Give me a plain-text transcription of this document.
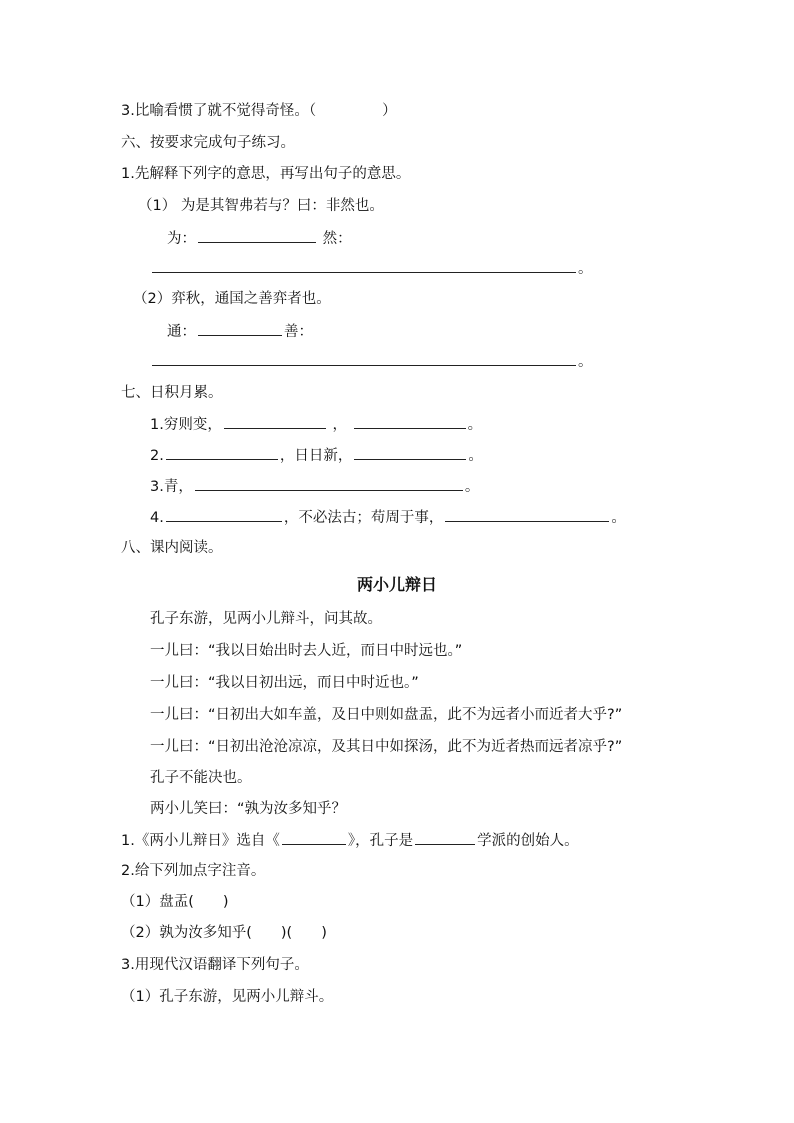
3.比喻看惯了就不觉得奇怪。（	）
六、按要求完成句子练习。
1.先解释下列字的意思，再写出句子的意思。
（1） 为是其智弗若与？曰：非然也。
为：	然：
。
（2）弈秋，通国之善弈者也。
通：	善：
。
七、日积月累。
1.穷则变，	，	。
2.	，日日新，	。
3.青，	。
4.	，不必法古；苟周于事，	。
八、课内阅读。
两小儿辩日
孔子东游，见两小儿辩斗，问其故。
一儿曰：“我以日始出时去人近，而日中时远也。”
一儿曰：“我以日初出远，而日中时近也。”
一儿曰：“日初出大如车盖，及日中则如盘盂，此不为远者小而近者大乎?”
一儿曰：“日初出沧沧凉凉，及其日中如探汤，此不为近者热而远者凉乎?”
孔子不能决也。
两小儿笑曰：“孰为汝多知乎？
1.《两小儿辩日》选自《	》，孔子是	学派的创始人。
2.给下列加点字注音。
（1）盘盂(　　)
（2）孰为汝多知乎(　　)(　　)
3.用现代汉语翻译下列句子。
（1）孔子东游，见两小儿辩斗。
